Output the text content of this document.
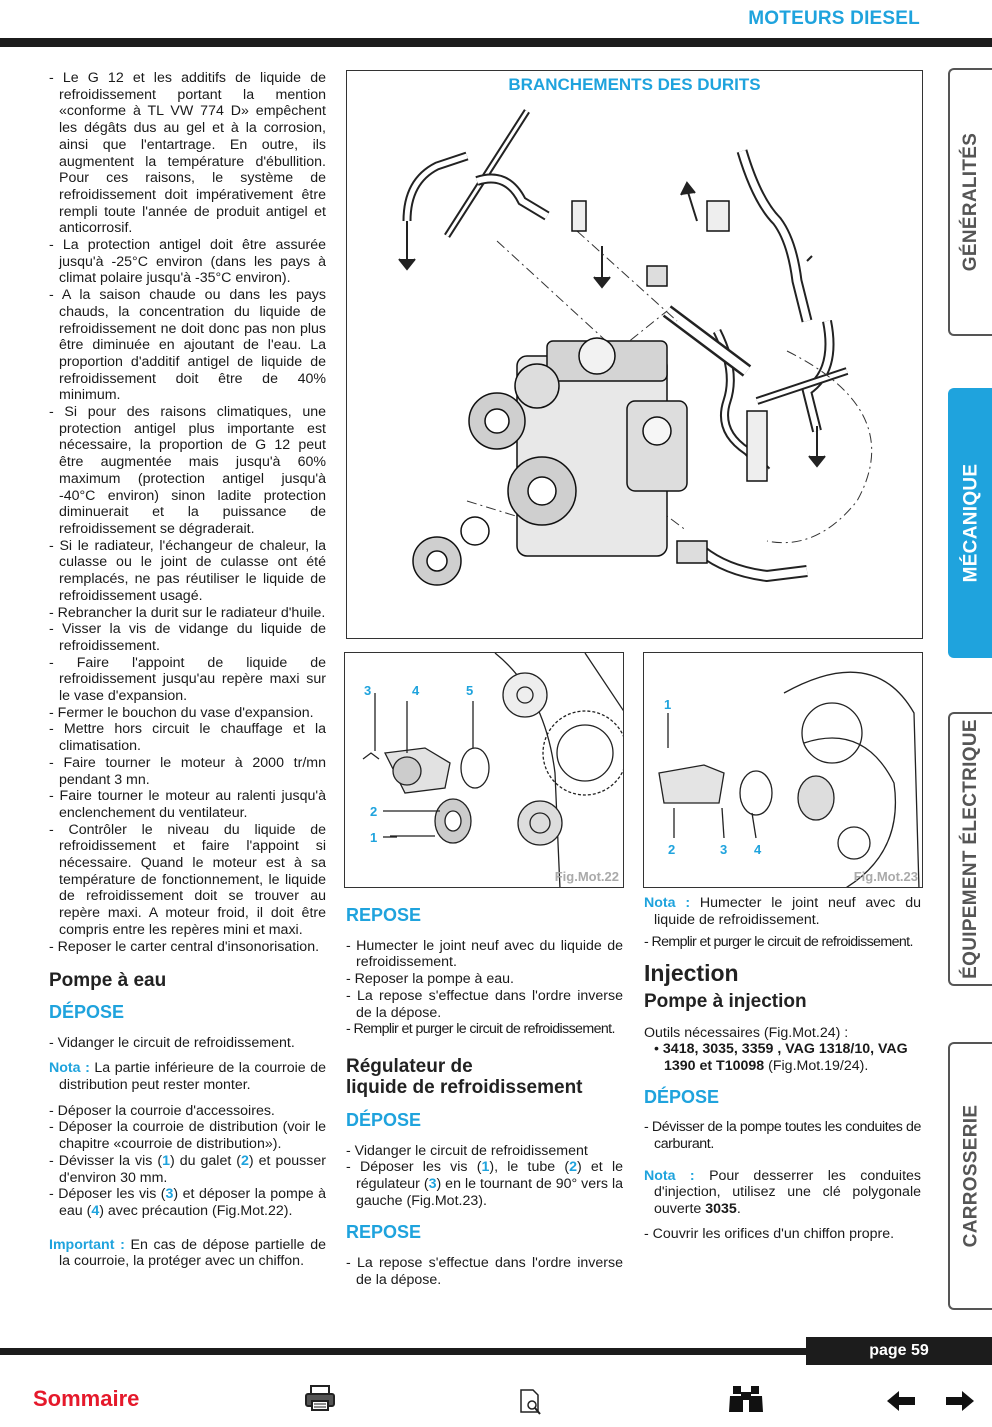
MOTEURS DIESEL
GÉNÉRALITÉS
MÉCANIQUE
ÉQUIPEMENT ÉLECTRIQUE
CARROSSERIE

- Le G 12 et les additifs de liquide de refroidissement portant la mention «conforme à TL VW 774 D» empêchent les dégâts dus au gel et à la corrosion, ainsi que l'entartrage. En outre, ils augmentent la température d'ébullition. Pour ces raisons, le système de refroidissement doit impérativement être rempli toute l'année de produit antigel et anticorrosif.

- La protection antigel doit être assurée jusqu'à -25°C environ (dans les pays à climat polaire jusqu'à -35°C environ).

- A la saison chaude ou dans les pays chauds, la concentration du liquide de refroidissement ne doit donc pas non plus être diminuée en ajoutant de l'eau. La proportion d'additif antigel de liquide de refroidissement doit être de 40% minimum.

- Si pour des raisons climatiques, une protection antigel plus importante est nécessaire, la proportion de G 12 peut être augmentée mais jusqu'à 60% maximum (protection antigel jusqu'à -40°C environ) sinon ladite protection diminuerait et la puissance de refroidissement se dégraderait.

- Si le radiateur, l'échangeur de chaleur, la culasse ou le joint de culasse ont été remplacés, ne pas réutiliser le liquide de refroidissement usagé.

- Rebrancher la durit sur le radiateur d'huile.

- Visser la vis de vidange du liquide de refroidissement.

- Faire l'appoint de liquide de refroidissement jusqu'au repère maxi sur le vase d'expansion.

- Fermer le bouchon du vase d'expansion.

- Mettre hors circuit le chauffage et la climatisation.

- Faire tourner le moteur à 2000 tr/mn pendant 3 mn.

- Faire tourner le moteur au ralenti jusqu'à enclenchement du ventilateur.

- Contrôler le niveau du liquide de refroidissement et faire l'appoint si nécessaire. Quand le moteur est à sa température de fonctionnement, le liquide de refroidissement doit se trouver au repère maxi. A moteur froid, il doit être compris entre les repères mini et maxi.

- Reposer le carter central d'insonorisation.

Pompe à eau
DÉPOSE

- Vidanger le circuit de refroidissement.

Nota : La partie inférieure de la courroie de distribution peut rester monter.

- Déposer la courroie d'accessoires.

- Déposer la courroie de distribution (voir le chapitre «courroie de distribution»).

- Dévisser la vis (1) du galet (2) et pousser d'environ 30 mm.

- Déposer les vis (3) et déposer la pompe à eau (4) avec précaution (Fig.Mot.22).

Important : En cas de dépose partielle de la courroie, la protéger avec un chiffon.

BRANCHEMENTS DES DURITS
3	4	5
2
1
Fig.Mot.22
1
2	3 4
Fig.Mot.23
REPOSE

- Humecter le joint neuf avec du liquide de refroidissement.

- Reposer la pompe à eau.

- La repose s'effectue dans l'ordre inverse de la dépose.

- Remplir et purger le circuit de refroidissement.

Régulateur de
liquide de refroidissement
DÉPOSE

- Vidanger le circuit de refroidissement

- Déposer les vis (1), le tube (2) et le régulateur (3) en le tournant de 90° vers la gauche (Fig.Mot.23).

REPOSE

- La repose s'effectue dans l'ordre inverse de la dépose.

Nota : Humecter le joint neuf avec du liquide de refroidissement.

- Remplir et purger le circuit de refroidissement.

Injection
Pompe à injection

Outils nécessaires (Fig.Mot.24) :

• 3418, 3035, 3359 , VAG 1318/10, VAG 1390 et T10098 (Fig.Mot.19/24).

DÉPOSE

- Dévisser de la pompe toutes les conduites de carburant.

Nota : Pour desserrer les conduites d'injection, utilisez une clé polygonale ouverte 3035.

- Couvrir les orifices d'un chiffon propre.

page 59
Sommaire
